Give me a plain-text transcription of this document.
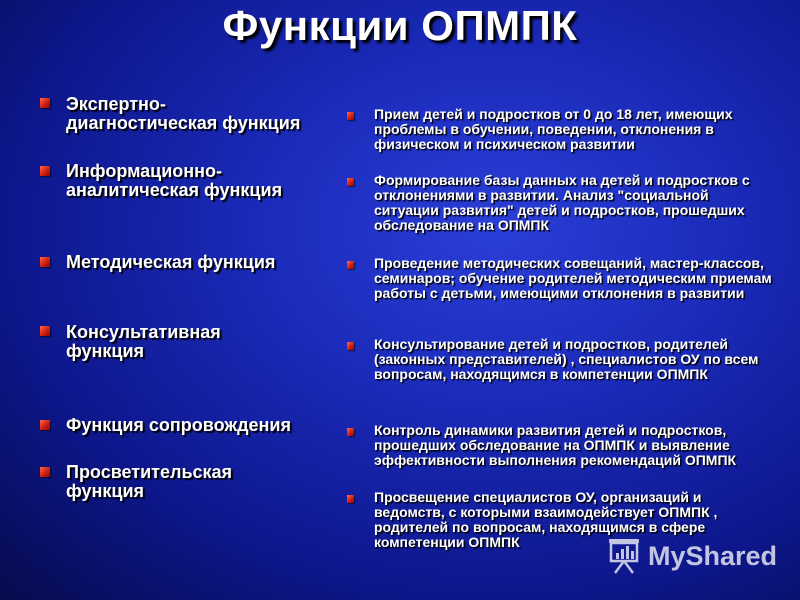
Функции ОПМПК
Экспертно-
диагностическая функция
Информационно-
аналитическая функция
Методическая функция
Консультативная
функция
Функция сопровождения
Просветительская
функция
Прием детей и подростков от 0 до 18 лет, имеющих проблемы в обучении, поведении, отклонения в физическом и психическом развитии
Формирование базы данных на детей и подростков с отклонениями в развитии. Анализ "социальной ситуации развития" детей и подростков, прошедших обследование на ОПМПК
Проведение методических совещаний, мастер-классов, семинаров; обучение родителей методическим приемам работы с детьми, имеющими отклонения в развитии
Консультирование детей и подростков, родителей (законных представителей) , специалистов ОУ по всем вопросам, находящимся в компетенции ОПМПК
Контроль динамики развития детей и подростков, прошедших обследование на ОПМПК и выявление эффективности выполнения рекомендаций ОПМПК
Просвещение специалистов ОУ, организаций и ведомств, с которыми взаимодействует ОПМПК , родителей по вопросам, находящимся в сфере компетенции ОПМПК	MyShared
